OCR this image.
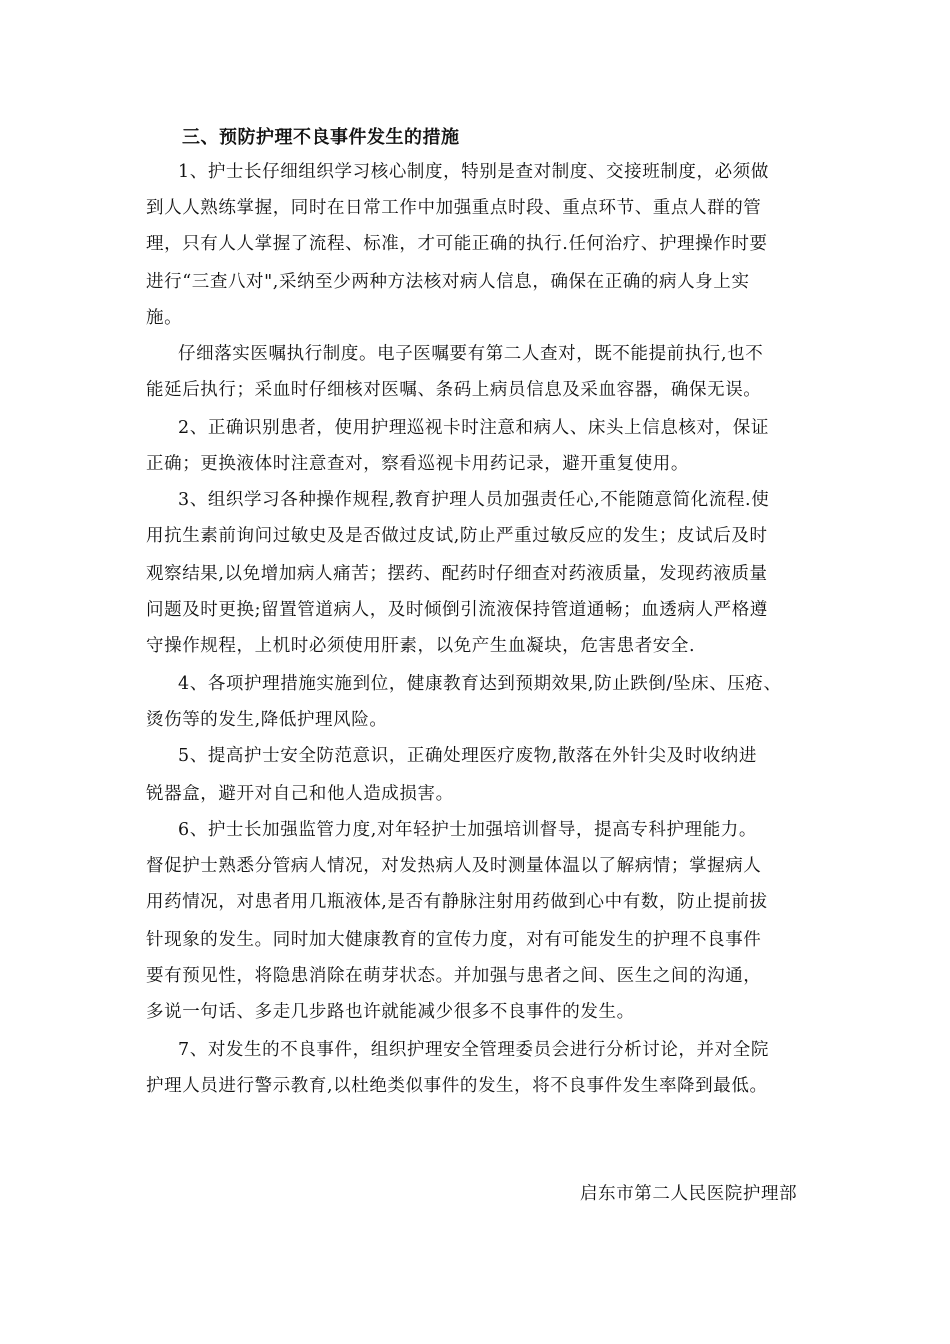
三、预防护理不良事件发生的措施
1、护士长仔细组织学习核心制度，特别是查对制度、交接班制度，必须做
到人人熟练掌握，同时在日常工作中加强重点时段、重点环节、重点人群的管
理，只有人人掌握了流程、标准，才可能正确的执行.任何治疗、护理操作时要
进行“三查八对",采纳至少两种方法核对病人信息，确保在正确的病人身上实
施。
仔细落实医嘱执行制度。电子医嘱要有第二人查对，既不能提前执行,也不
能延后执行；采血时仔细核对医嘱、条码上病员信息及采血容器，确保无误。
2、正确识别患者，使用护理巡视卡时注意和病人、床头上信息核对，保证
正确；更换液体时注意查对，察看巡视卡用药记录，避开重复使用。
3、组织学习各种操作规程,教育护理人员加强责任心,不能随意简化流程.使
用抗生素前询问过敏史及是否做过皮试,防止严重过敏反应的发生；皮试后及时
观察结果,以免增加病人痛苦；摆药、配药时仔细查对药液质量，发现药液质量
问题及时更换;留置管道病人，及时倾倒引流液保持管道通畅；血透病人严格遵
守操作规程，上机时必须使用肝素，以免产生血凝块，危害患者安全.
4、各项护理措施实施到位，健康教育达到预期效果,防止跌倒/坠床、压疮、
烫伤等的发生,降低护理风险。
5、提高护士安全防范意识，正确处理医疗废物,散落在外针尖及时收纳进
锐器盒，避开对自己和他人造成损害。
6、护士长加强监管力度,对年轻护士加强培训督导，提高专科护理能力。
督促护士熟悉分管病人情况，对发热病人及时测量体温以了解病情；掌握病人
用药情况，对患者用几瓶液体,是否有静脉注射用药做到心中有数，防止提前拔
针现象的发生。同时加大健康教育的宣传力度，对有可能发生的护理不良事件
要有预见性，将隐患消除在萌芽状态。并加强与患者之间、医生之间的沟通，
多说一句话、多走几步路也许就能减少很多不良事件的发生。
7、对发生的不良事件，组织护理安全管理委员会进行分析讨论，并对全院
护理人员进行警示教育,以杜绝类似事件的发生，将不良事件发生率降到最低。
启东市第二人民医院护理部
